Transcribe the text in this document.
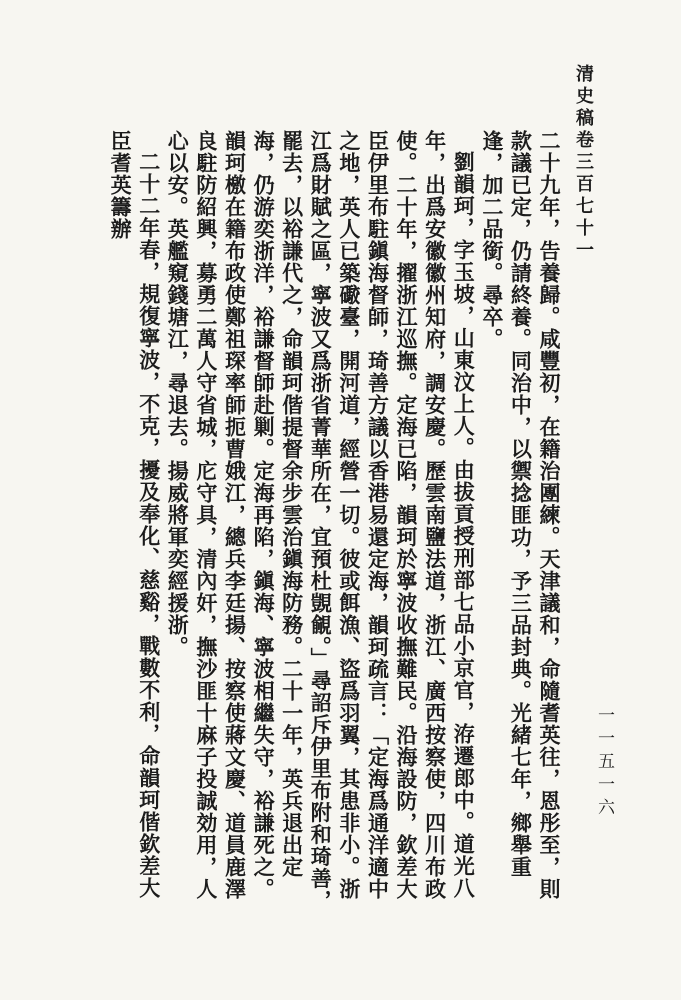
清史稿卷三百七十一
一一五一六

二十九年，告養歸。咸豐初，在籍治團練。天津議和，命隨耆英往，恩彤至，則款議已定，仍請終養。同治中，以禦捻匪功，予三品封典。光緒七年，鄉舉重逢，加二品銜。尋卒。

劉韻珂，字玉坡，山東汶上人。由拔貢授刑部七品小京官，洊遷郎中。道光八年，出爲安徽徽州知府，調安慶。歷雲南鹽法道，浙江、廣西按察使，四川布政使。二十年，擢浙江巡撫。定海已陷，韻珂於寧波收撫難民。沿海設防，欽差大臣伊里布駐鎭海督師，琦善方議以香港易還定海，韻珂疏言：「定海爲通洋適中之地，英人已築礮臺，開河道，經營一切。彼或餌漁、盜爲羽翼，其患非小。浙江爲財賦之區，寧波又爲浙省菁華所在，宜預杜覬覦。」尋詔斥伊里布附和琦善，罷去，以裕謙代之，命韻珂偕提督余步雲治鎭海防務。二十一年，英兵退出定海，仍游奕浙洋，裕謙督師赴剿。定海再陷，鎭海、寧波相繼失守，裕謙死之。韻珂檄在籍布政使鄭祖琛率師扼曹娥江，總兵李廷揚、按察使蔣文慶、道員鹿澤良駐防紹興，募勇二萬人守省城，庀守具，清內奸，撫沙匪十麻子投誠効用，人心以安。英艦窺錢塘江，尋退去。揚威將軍奕經援浙。

二十二年春，規復寧波，不克，擾及奉化、慈谿，戰數不利，命韻珂偕欽差大臣耆英籌辦
